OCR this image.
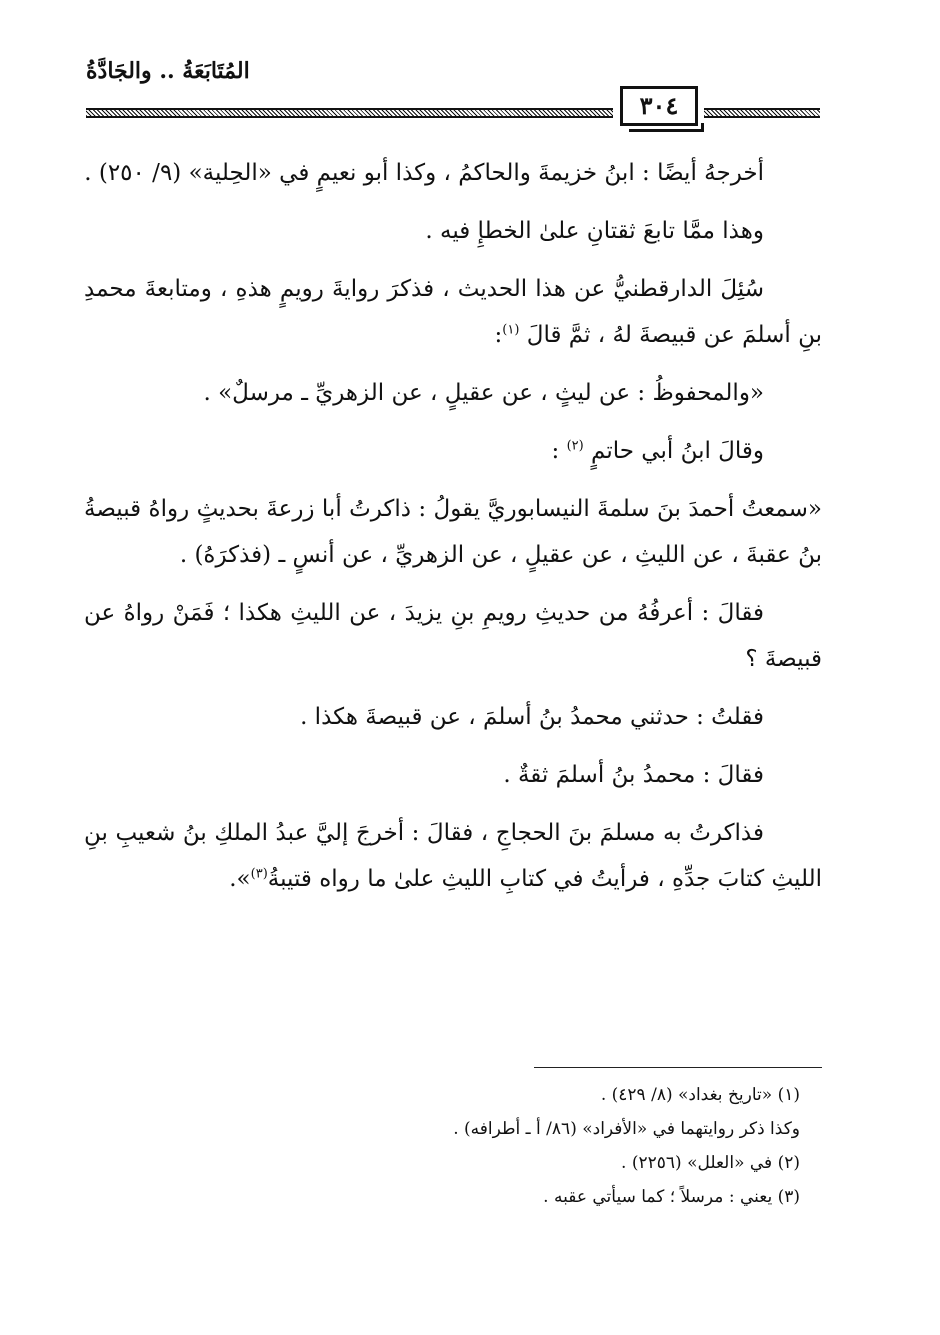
المُتَابَعَةُ .. والجَادَّةُ
٣٠٤

أخرجهُ أيضًا : ابنُ خزيمةَ والحاكمُ ، وكذا أبو نعيمٍ في «الحِلية» (٩/ ٢٥٠) .

وهذا ممَّا تابعَ ثقتانِ علىٰ الخطإِ فيه .

سُئِلَ الدارقطنيُّ عن هذا الحديث ، فذكرَ روايةَ رويمٍ هذهِ ، ومتابعةَ محمدِ بنِ أسلمَ عن قبيصةَ لهُ ، ثمَّ قالَ $^{(١)}$:

«والمحفوظُ : عن ليثٍ ، عن عقيلٍ ، عن الزهريِّ ـ مرسلٌ» .

وقالَ ابنُ أبي حاتمٍ $^{(٢)}$ :

«سمعتُ أحمدَ بنَ سلمةَ النيسابوريَّ يقولُ : ذاكرتُ أبا زرعةَ بحديثٍ رواهُ قبيصةُ بنُ عقبةَ ، عن الليثِ ، عن عقيلٍ ، عن الزهريِّ ، عن أنسٍ ـ (فذكرَهُ) .

فقالَ : أعرفُهُ من حديثِ رويمِ بنِ يزيدَ ، عن الليثِ هكذا ؛ فَمَنْ رواهُ عن قبيصةَ ؟

فقلتُ : حدثني محمدُ بنُ أسلمَ ، عن قبيصةَ هكذا .

فقالَ : محمدُ بنُ أسلمَ ثقةٌ .

فذاكرتُ به مسلمَ بنَ الحجاجِ ، فقالَ : أخرجَ إليَّ عبدُ الملكِ بنُ شعيبِ بنِ الليثِ كتابَ جدِّهِ ، فرأيتُ في كتابِ الليثِ علىٰ ما رواه قتيبةُ$^{(٣)}$».

(١) «تاريخ بغداد» (٨/ ٤٢٩) .
وكذا ذكر روايتهما في «الأفراد» (٨٦/ أ ـ أطرافه) .
(٢) في «العلل» (٢٢٥٦) .
(٣) يعني : مرسلاً ؛ كما سيأتي عقبه .
